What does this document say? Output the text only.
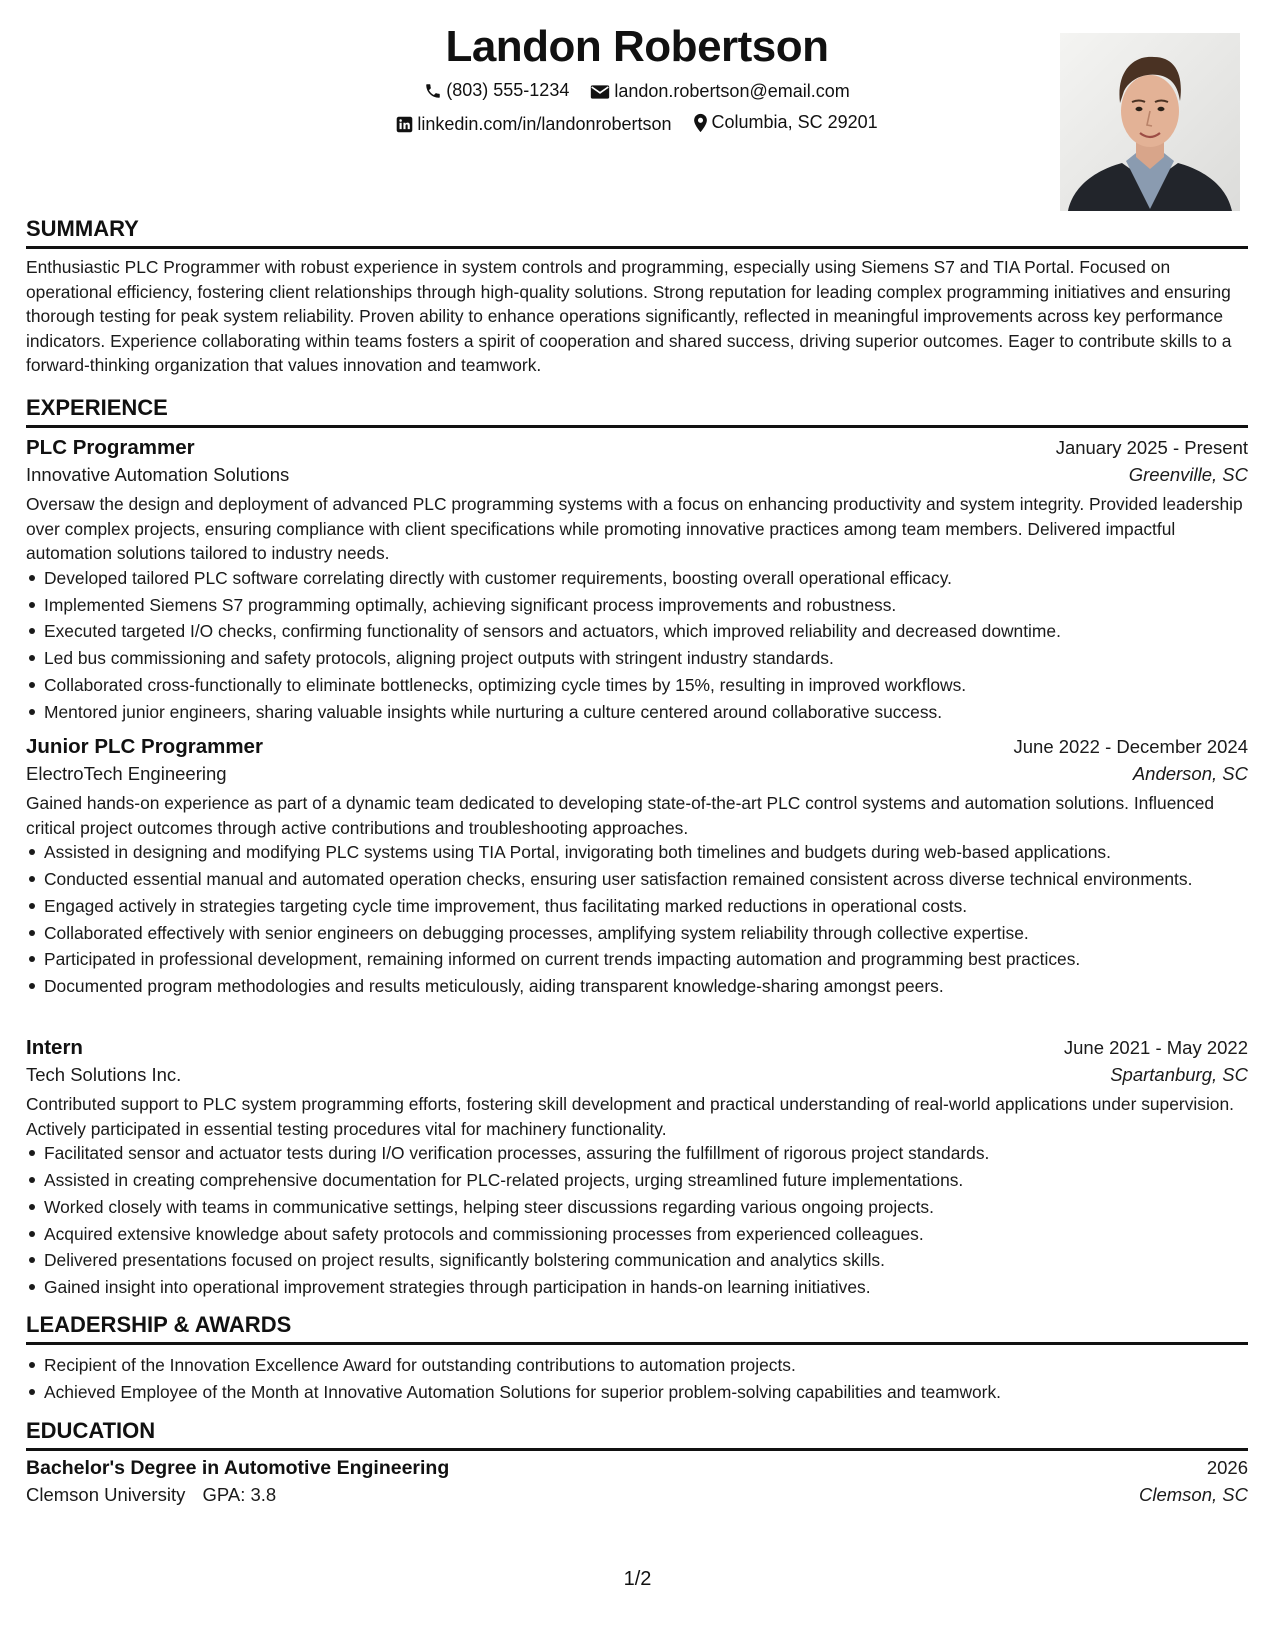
Landon Robertson
(803) 555-1234
	landon.robertson@email.com
linkedin.com/in/landonrobertson
Columbia, SC 29201
SUMMARY

Enthusiastic PLC Programmer with robust experience in system controls and programming, especially using Siemens S7 and TIA Portal. Focused on operational efficiency, fostering client relationships through high-quality solutions. Strong reputation for leading complex programming initiatives and ensuring thorough testing for peak system reliability. Proven ability to enhance operations significantly, reflected in meaningful improvements across key performance indicators. Experience collaborating within teams fosters a spirit of cooperation and shared success, driving superior outcomes. Eager to contribute skills to a forward-thinking organization that values innovation and teamwork.

EXPERIENCE
PLC Programmer	January 2025 - Present
Innovative Automation Solutions	Greenville, SC

Oversaw the design and deployment of advanced PLC programming systems with a focus on enhancing productivity and system integrity. Provided leadership over complex projects, ensuring compliance with client specifications while promoting innovative practices among team members. Delivered impactful automation solutions tailored to industry needs.

Developed tailored PLC software correlating directly with customer requirements, boosting overall operational efficacy.
Implemented Siemens S7 programming optimally, achieving significant process improvements and robustness.
Executed targeted I/O checks, confirming functionality of sensors and actuators, which improved reliability and decreased downtime.
Led bus commissioning and safety protocols, aligning project outputs with stringent industry standards.
Collaborated cross-functionally to eliminate bottlenecks, optimizing cycle times by 15%, resulting in improved workflows.
Mentored junior engineers, sharing valuable insights while nurturing a culture centered around collaborative success.
Junior PLC Programmer	June 2022 - December 2024
ElectroTech Engineering	Anderson, SC

Gained hands-on experience as part of a dynamic team dedicated to developing state-of-the-art PLC control systems and automation solutions. Influenced critical project outcomes through active contributions and troubleshooting approaches.

Assisted in designing and modifying PLC systems using TIA Portal, invigorating both timelines and budgets during web-based applications.
Conducted essential manual and automated operation checks, ensuring user satisfaction remained consistent across diverse technical environments.
Engaged actively in strategies targeting cycle time improvement, thus facilitating marked reductions in operational costs.
Collaborated effectively with senior engineers on debugging processes, amplifying system reliability through collective expertise.
Participated in professional development, remaining informed on current trends impacting automation and programming best practices.
Documented program methodologies and results meticulously, aiding transparent knowledge-sharing amongst peers.
Intern	June 2021 - May 2022
Tech Solutions Inc.	Spartanburg, SC

Contributed support to PLC system programming efforts, fostering skill development and practical understanding of real-world applications under supervision. Actively participated in essential testing procedures vital for machinery functionality.

Facilitated sensor and actuator tests during I/O verification processes, assuring the fulfillment of rigorous project standards.
Assisted in creating comprehensive documentation for PLC-related projects, urging streamlined future implementations.
Worked closely with teams in communicative settings, helping steer discussions regarding various ongoing projects.
Acquired extensive knowledge about safety protocols and commissioning processes from experienced colleagues.
Delivered presentations focused on project results, significantly bolstering communication and analytics skills.
Gained insight into operational improvement strategies through participation in hands-on learning initiatives.
LEADERSHIP & AWARDS
Recipient of the Innovation Excellence Award for outstanding contributions to automation projects.
Achieved Employee of the Month at Innovative Automation Solutions for superior problem-solving capabilities and teamwork.
EDUCATION
Bachelor's Degree in Automotive Engineering	2026
Clemson University GPA: 3.8	Clemson, SC
1/2
